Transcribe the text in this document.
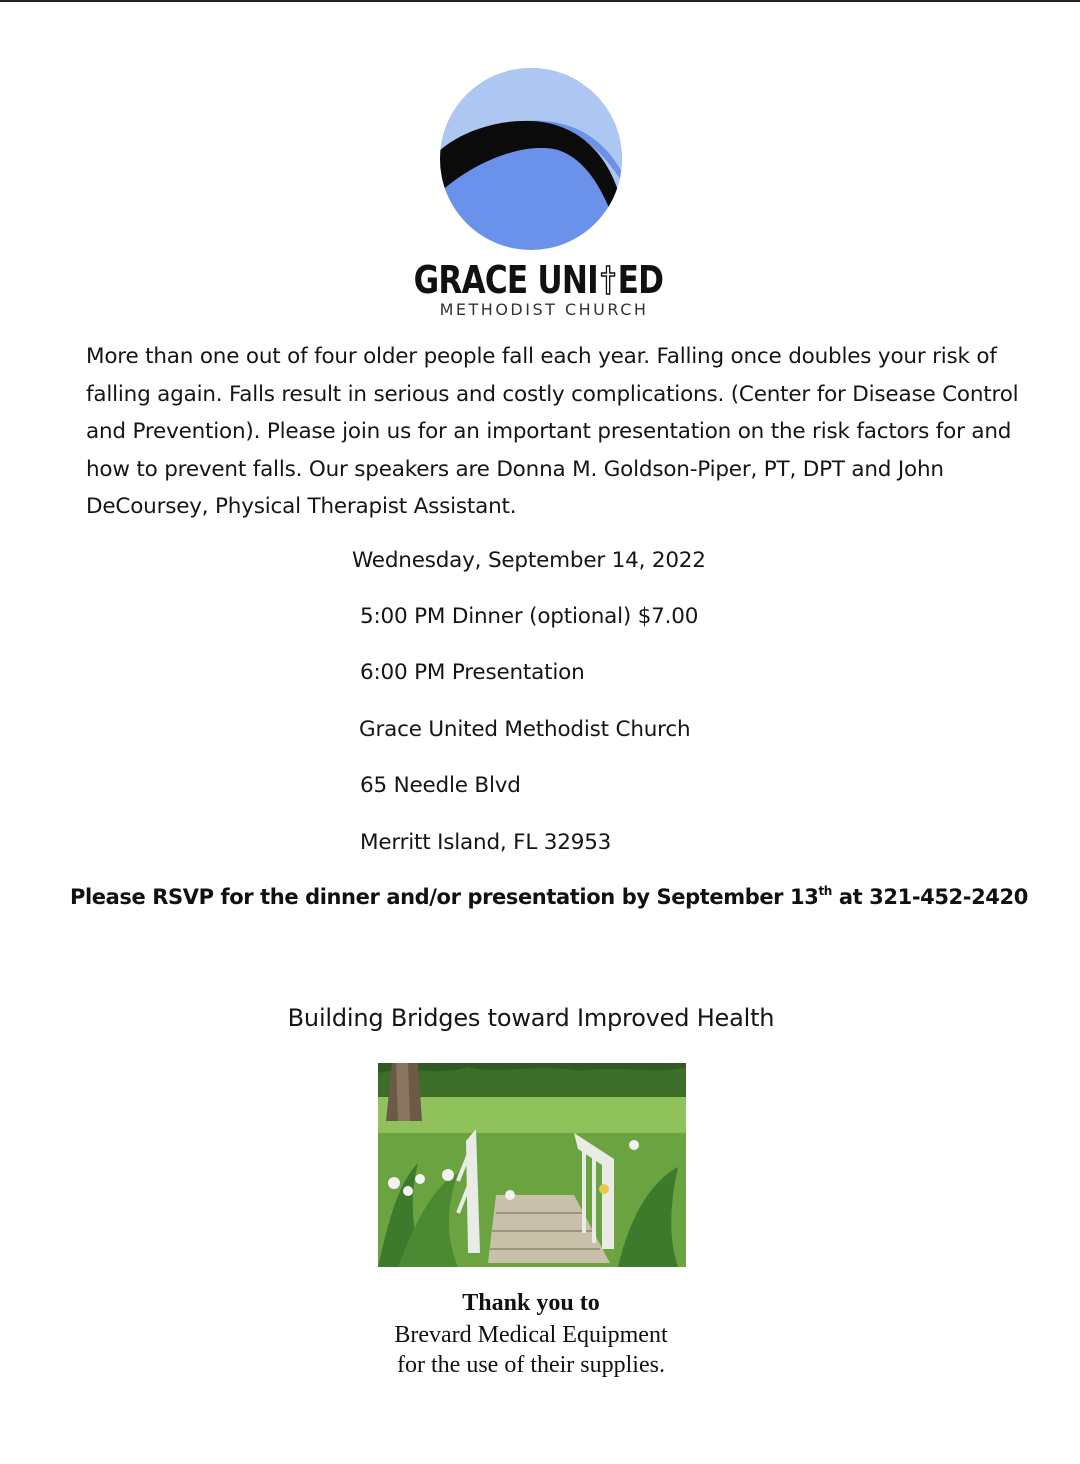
GRACE UNI ED
METHODIST CHURCH

More than one out of four older people fall each year. Falling once doubles your risk of falling again. Falls result in serious and costly complications. (Center for Disease Control and Prevention). Please join us for an important presentation on the risk factors for and how to prevent falls. Our speakers are Donna M. Goldson-Piper, PT, DPT and John DeCoursey, Physical Therapist Assistant.

Wednesday, September 14, 2022

5:00 PM Dinner (optional) $7.00

6:00 PM Presentation

Grace United Methodist Church

65 Needle Blvd

Merritt Island, FL 32953

Please RSVP for the dinner and/or presentation by September 13th at 321-452-2420

Building Bridges toward Improved Health

Thank you to

Brevard Medical Equipment

for the use of their supplies.
